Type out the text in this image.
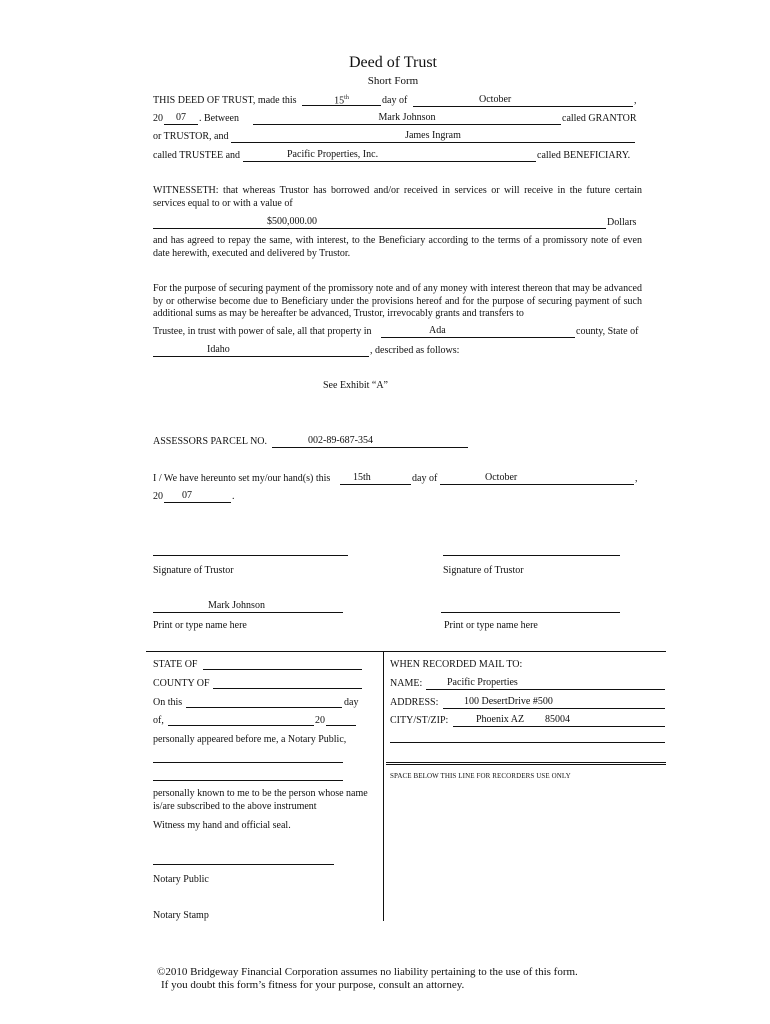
Deed of Trust
Short Form
THIS DEED OF TRUST, made this	15th	day of	October	,
20	07	. Between	Mark Johnson	called GRANTOR
or TRUSTOR, and	James Ingram
called TRUSTEE and	Pacific Properties, Inc.	called BENEFICIARY.
WITNESSETH: that whereas Trustor has borrowed and/or received in services or will receive in the future certain services equal to or with a value of
$500,000.00	Dollars
and has agreed to repay the same, with interest, to the Beneficiary according to the terms of a promissory note of even date herewith, executed and delivered by Trustor.
For the purpose of securing payment of the promissory note and of any money with interest thereon that may be advanced by or otherwise become due to Beneficiary under the provisions hereof and for the purpose of securing payment of such additional sums as may be hereafter be advanced, Trustor, irrevocably grants and transfers to
Trustee, in trust with power of sale, all that property in	Ada	county, State of
Idaho	, described as follows:
See Exhibit “A”
ASSESSORS PARCEL NO.	002-89-687-354
I / We have hereunto set my/our hand(s) this	15th	day of	October	,
20	07	.
Signature of Trustor	Signature of Trustor
Mark Johnson
Print or type name here	Print or type name here
STATE OF
COUNTY OF
On this	day
of,	20
personally appeared before me, a Notary Public,
personally known to me to be the person whose name is/are subscribed to the above instrument
Witness my hand and official seal.
Notary Public
Notary Stamp
WHEN RECORDED MAIL TO:
NAME:	Pacific Properties
ADDRESS:	100 DesertDrive #500
CITY/ST/ZIP:	Phoenix AZ 85004
SPACE BELOW THIS LINE FOR RECORDERS USE ONLY
©2010 Bridgeway Financial Corporation assumes no liability pertaining to the use of this form.
If you doubt this form’s fitness for your purpose, consult an attorney.
